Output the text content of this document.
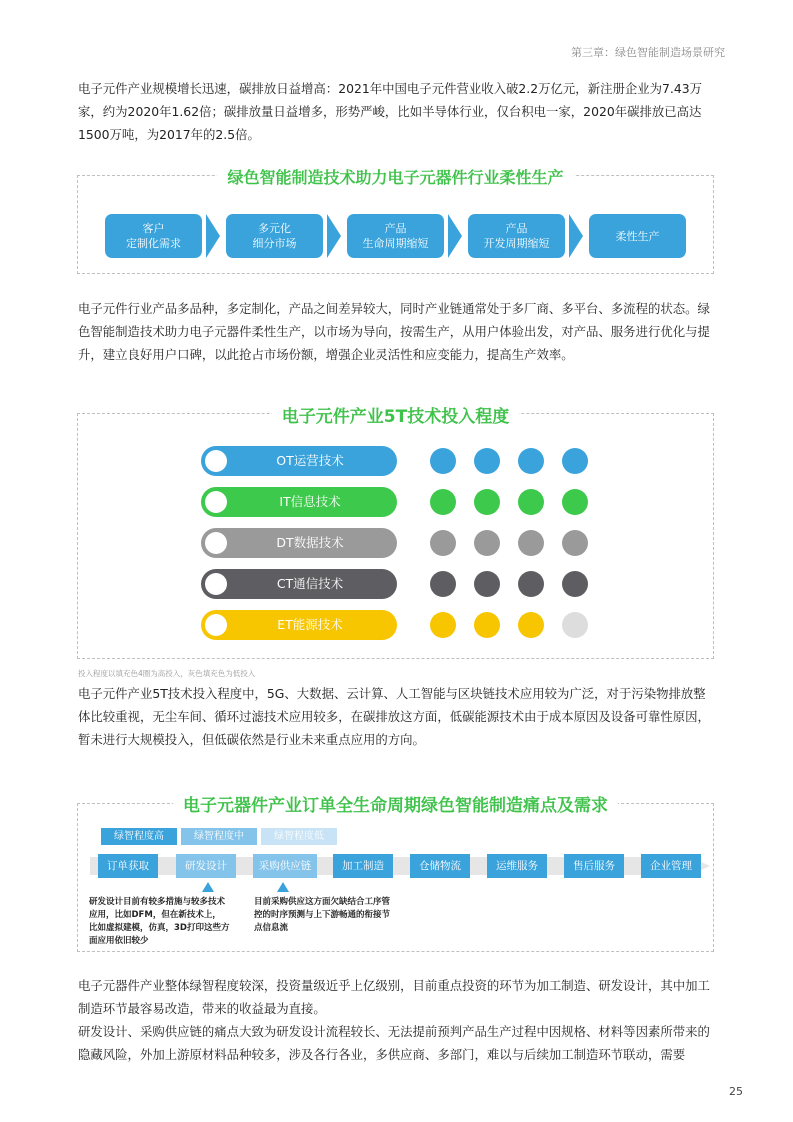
第三章：绿色智能制造场景研究

电子元件产业规模增长迅速，碳排放日益增高：2021年中国电子元件营业收入破2.2万亿元，新注册企业为7.43万家，约为2020年1.62倍；碳排放量日益增多，形势严峻，比如半导体行业，仅台积电一家，2020年碳排放已高达1500万吨，为2017年的2.5倍。

绿色智能制造技术助力电子元器件行业柔性生产
客户
定制化需求
多元化
细分市场
产品
生命周期缩短
产品
开发周期缩短
柔性生产

电子元件行业产品多品种，多定制化，产品之间差异较大，同时产业链通常处于多厂商、多平台、多流程的状态。绿色智能制造技术助力电子元器件柔性生产，以市场为导向，按需生产，从用户体验出发，对产品、服务进行优化与提升，建立良好用户口碑，以此抢占市场份额，增强企业灵活性和应变能力，提高生产效率。

电子元件产业5T技术投入程度
OT运营技术
IT信息技术
DT数据技术
CT通信技术
ET能源技术
投入程度以填充色4圈为高投入，灰色填充色为低投入

电子元件产业5T技术投入程度中，5G、大数据、云计算、人工智能与区块链技术应用较为广泛，对于污染物排放整体比较重视，无尘车间、循环过滤技术应用较多，在碳排放这方面，低碳能源技术由于成本原因及设备可靠性原因，暂未进行大规模投入，但低碳依然是行业未来重点应用的方向。

电子元器件产业订单全生命周期绿色智能制造痛点及需求
绿智程度高	绿智程度中	绿智程度低
订单获取	研发设计	采购供应链	加工制造	仓储物流	运维服务	售后服务	企业管理
研发设计目前有较多措施与较多技术
应用，比如DFM，但在新技术上，
比如虚拟建模，仿真，3D打印这些方
面应用依旧较少
目前采购供应这方面欠缺结合工序管
控的时序预测与上下游畅通的衔接节
点信息流

电子元器件产业整体绿智程度较深，投资量级近乎上亿级别，目前重点投资的环节为加工制造、研发设计，其中加工制造环节最容易改造，带来的收益最为直接。

研发设计、采购供应链的痛点大致为研发设计流程较长、无法提前预判产品生产过程中因规格、材料等因素所带来的隐藏风险，外加上游原材料品种较多，涉及各行各业，多供应商、多部门，难以与后续加工制造环节联动，需要

25
